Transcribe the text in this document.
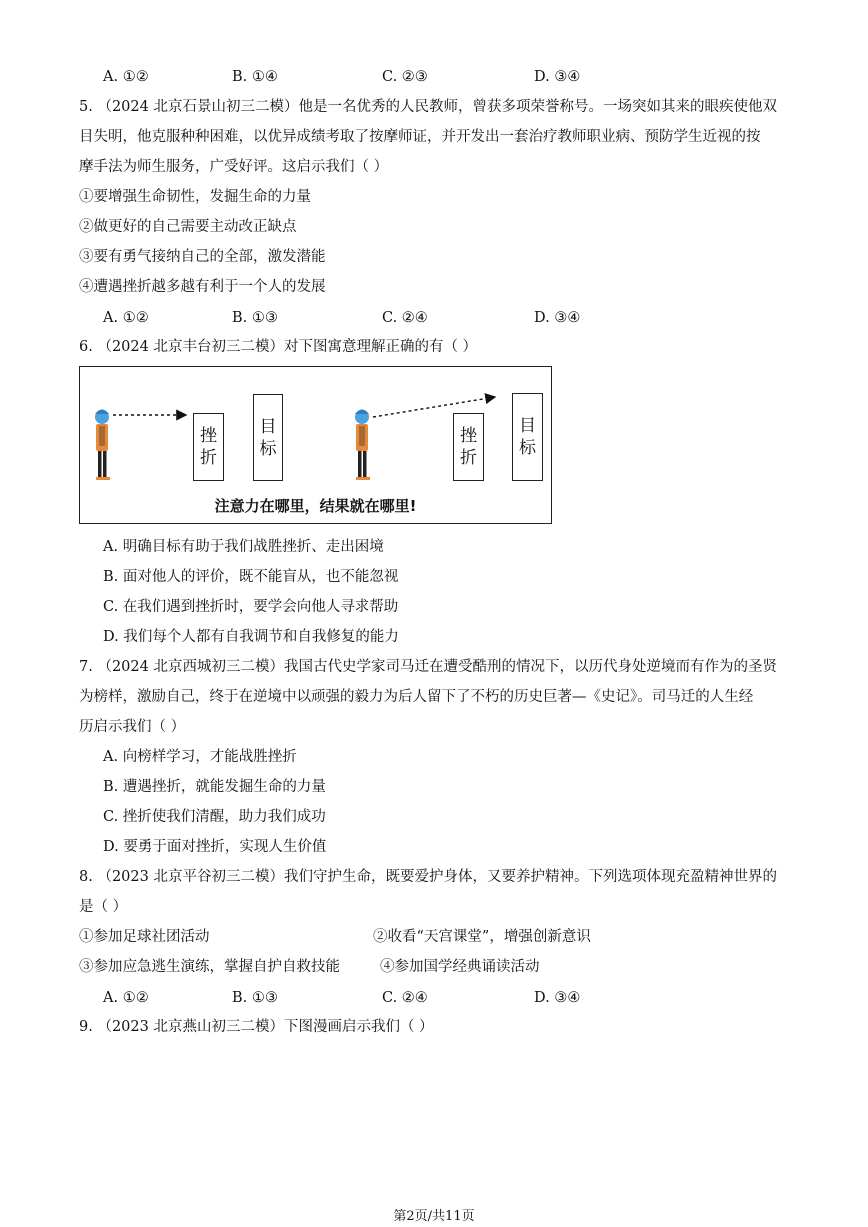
A. ①②	B. ①④	C. ②③	D. ③④
5. （2024 北京石景山初三二模）他是一名优秀的人民教师，曾获多项荣誉称号。一场突如其来的眼疾使他双
目失明，他克服种种困难，以优异成绩考取了按摩师证，并开发出一套治疗教师职业病、预防学生近视的按
摩手法为师生服务，广受好评。这启示我们（ ）
①要增强生命韧性，发掘生命的力量
②做更好的自己需要主动改正缺点
③要有勇气接纳自己的全部，激发潜能
④遭遇挫折越多越有利于一个人的发展
A. ①②	B. ①③	C. ②④	D. ③④
6. （2024 北京丰台初三二模）对下图寓意理解正确的有（ ）
挫
折
目
标
挫
折
目
标
注意力在哪里，结果就在哪里!
A. 明确目标有助于我们战胜挫折、走出困境
B. 面对他人的评价，既不能盲从，也不能忽视
C. 在我们遇到挫折时，要学会向他人寻求帮助
D. 我们每个人都有自我调节和自我修复的能力
7. （2024 北京西城初三二模）我国古代史学家司马迁在遭受酷刑的情况下，以历代身处逆境而有作为的圣贤
为榜样，激励自己，终于在逆境中以顽强的毅力为后人留下了不朽的历史巨著—《史记》。司马迁的人生经
历启示我们（ ）
A. 向榜样学习，才能战胜挫折
B. 遭遇挫折，就能发掘生命的力量
C. 挫折使我们清醒，助力我们成功
D. 要勇于面对挫折，实现人生价值
8. （2023 北京平谷初三二模）我们守护生命，既要爱护身体，又要养护精神。下列选项体现充盈精神世界的
是（ ）
①参加足球社团活动	②收看“天宫课堂”，增强创新意识
③参加应急逃生演练，掌握自护自救技能	④参加国学经典诵读活动
A. ①②	B. ①③	C. ②④	D. ③④
9. （2023 北京燕山初三二模）下图漫画启示我们（ ）
第2页/共11页
